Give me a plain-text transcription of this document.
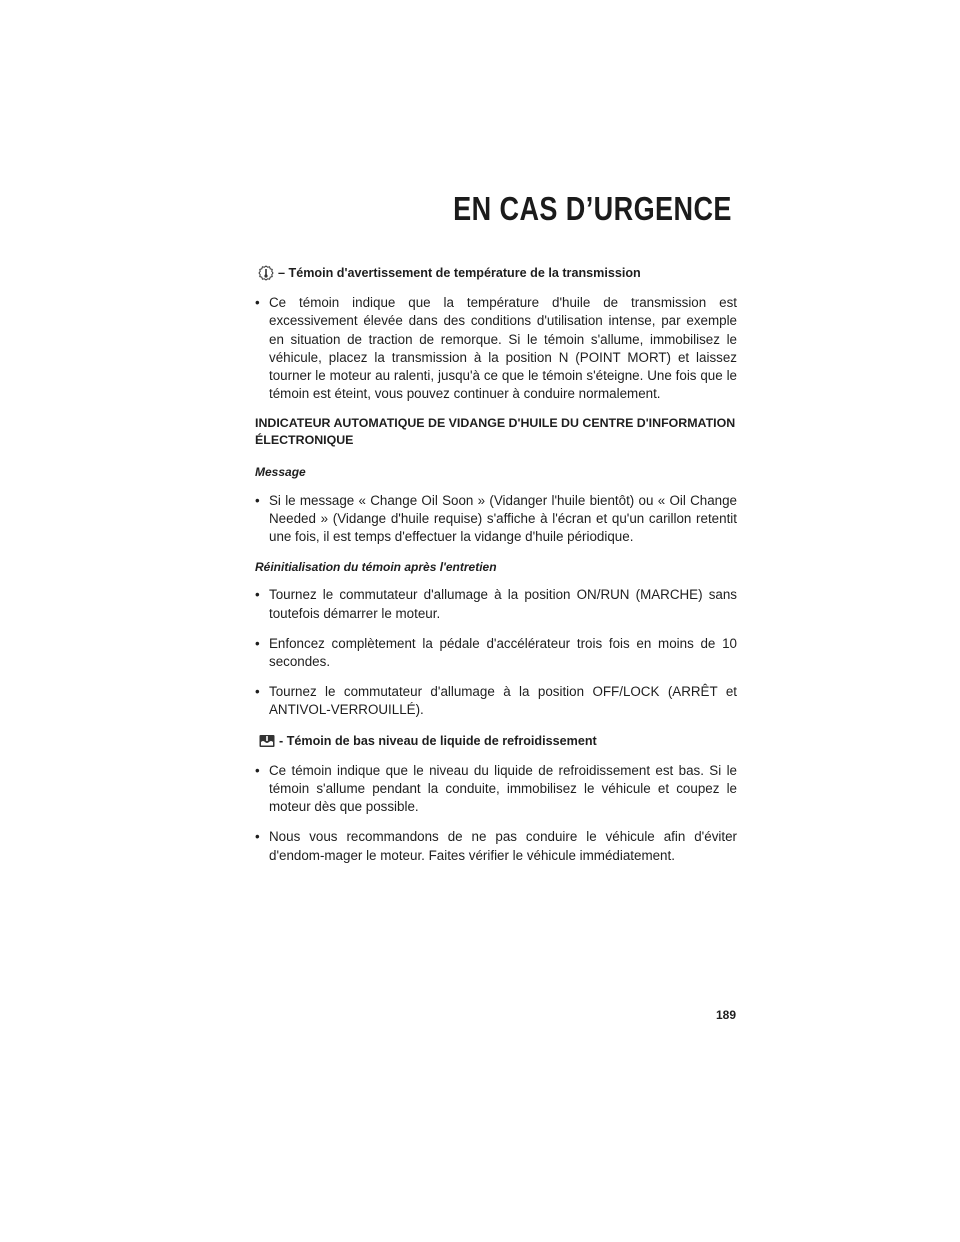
EN CAS D’URGENCE
– Témoin d'avertissement de température de la transmission
• Ce témoin indique que la température d'huile de transmission est excessivement élevée dans des conditions d'utilisation intense, par exemple en situation de traction de remorque. Si le témoin s'allume, immobilisez le véhicule, placez la transmission à la position N (POINT MORT) et laissez tourner le moteur au ralenti, jusqu'à ce que le témoin s'éteigne. Une fois que le témoin est éteint, vous pouvez continuer à conduire normalement.
INDICATEUR AUTOMATIQUE DE VIDANGE D'HUILE DU CENTRE D'INFORMATION
ÉLECTRONIQUE
Message
• Si le message « Change Oil Soon » (Vidanger l'huile bientôt) ou « Oil Change Needed » (Vidange d'huile requise) s'affiche à l'écran et qu'un carillon retentit une fois, il est temps d'effectuer la vidange d'huile périodique.
Réinitialisation du témoin après l'entretien
• Tournez le commutateur d'allumage à la position ON/RUN (MARCHE) sans toutefois démarrer le moteur.
• Enfoncez complètement la pédale d'accélérateur trois fois en moins de 10 secondes.
• Tournez le commutateur d'allumage à la position OFF/LOCK (ARRÊT et ANTIVOL-VERROUILLÉ).
- Témoin de bas niveau de liquide de refroidissement
• Ce témoin indique que le niveau du liquide de refroidissement est bas. Si le témoin s'allume pendant la conduite, immobilisez le véhicule et coupez le moteur dès que possible.
• Nous vous recommandons de ne pas conduire le véhicule afin d'éviter d'endom-mager le moteur. Faites vérifier le véhicule immédiatement.
189
